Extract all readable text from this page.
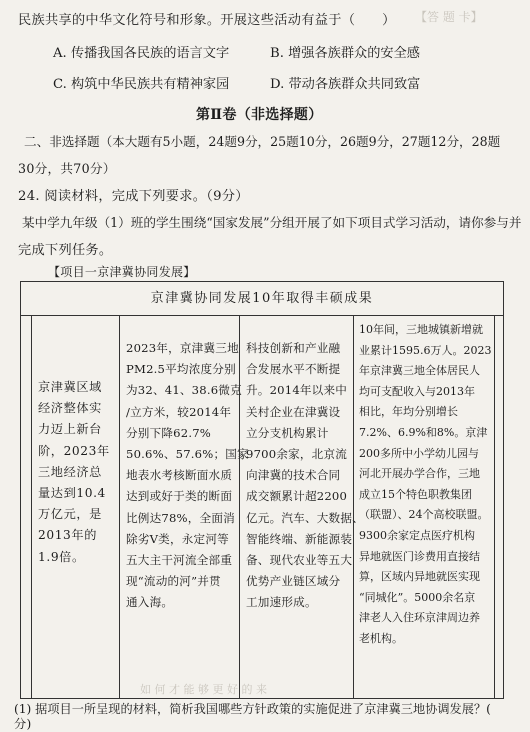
【答 题 卡】
民族共享的中华文化符号和形象。开展这些活动有益于（　　）
A. 传播我国各民族的语言文字	B. 增强各族群众的安全感
C. 构筑中华民族共有精神家园	D. 带动各族群众共同致富
第Ⅱ卷（非选择题）
二、非选择题（本大题有5小题，24题9分，25题10分，26题9分，27题12分，28题
30分，共70分）
24. 阅读材料，完成下列要求。（9分）
某中学九年级（1）班的学生围绕“国家发展”分组开展了如下项目式学习活动，请你参与并
完成下列任务。
【项目一京津冀协同发展】
京津冀协同发展10年取得丰硕成果
京津冀区域
经济整体实
力迈上新台
阶，2023年
三地经济总
量达到10.4
万亿元，是
2013年的
1.9倍。
2023年，京津冀三地
PM2.5平均浓度分别
为32、41、38.6微克
/立方米，较2014年
分别下降62.7%
50.6%、57.6%；国家
地表水考核断面水质
达到或好于类的断面
比例达78%，全面消
除劣V类，永定河等
五大主干河流全部重
现“流动的河”并贯
通入海。
科技创新和产业融
合发展水平不断提
升。2014年以来中
关村企业在津冀设
立分支机构累计
9700余家，北京流
向津冀的技术合同
成交额累计超2200
亿元。汽车、大数据、
智能终端、新能源装
备、现代农业等五大
优势产业链区域分
工加速形成。
10年间，三地城镇新增就
业累计1595.6万人。2023
年京津冀三地全体居民人
均可支配收入与2013年
相比，年均分别增长
7.2%、6.9%和8%。京津
200多所中小学幼儿园与
河北开展办学合作，三地
成立15个特色职教集团
（联盟）、24个高校联盟。
9300余家定点医疗机构
异地就医门诊费用直接结
算，区域内异地就医实现
“同城化”。5000余名京
津老人入住环京津周边养
老机构。
如 何 才 能 够 更 好 的 来
(1) 据项目一所呈现的材料，简析我国哪些方针政策的实施促进了京津冀三地协调发展？(
分)
